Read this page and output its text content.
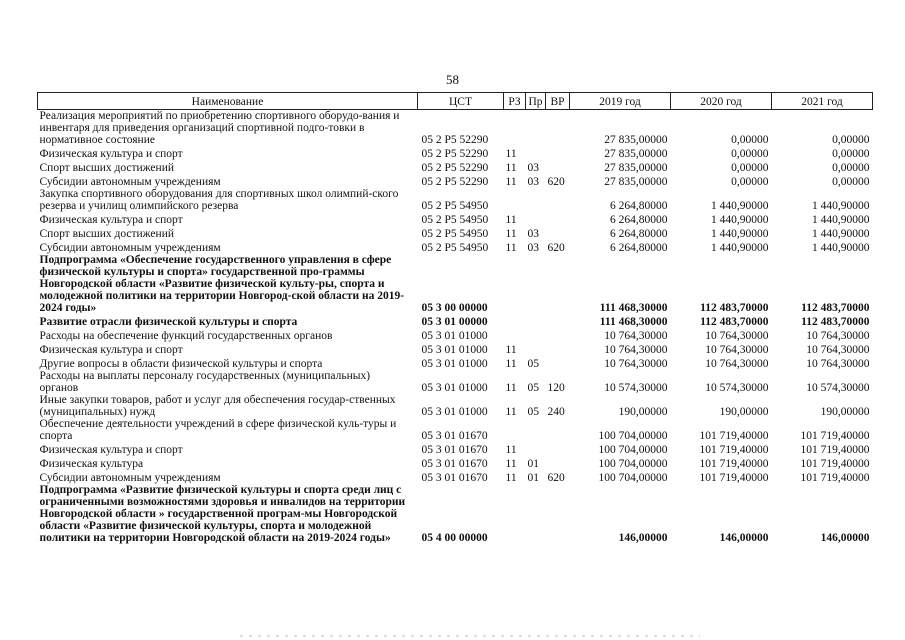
58
Наименование	ЦСТ	РЗ	Пр	ВР	2019 год	2020 год	2021 год
Реализация мероприятий по приобретению спортивного оборудо-вания и инвентаря для приведения организаций спортивной подго-товки в нормативное состояние	05 2 P5 52290				27 835,00000	0,00000	0,00000
Физическая культура и спорт	05 2 P5 52290	11			27 835,00000	0,00000	0,00000
Спорт высших достижений	05 2 P5 52290	11	03		27 835,00000	0,00000	0,00000
Субсидии автономным учреждениям	05 2 P5 52290	11	03	620	27 835,00000	0,00000	0,00000
Закупка спортивного оборудования для спортивных школ олимпий-ского резерва и училищ олимпийского резерва	05 2 P5 54950				6 264,80000	1 440,90000	1 440,90000
Физическая культура и спорт	05 2 P5 54950	11			6 264,80000	1 440,90000	1 440,90000
Спорт высших достижений	05 2 P5 54950	11	03		6 264,80000	1 440,90000	1 440,90000
Субсидии автономным учреждениям	05 2 P5 54950	11	03	620	6 264,80000	1 440,90000	1 440,90000
Подпрограмма «Обеспечение государственного управления в сфере физической культуры и спорта» государственной про-граммы Новгородской области «Развитие физической культу-ры, спорта и молодежной политики на территории Новгород-ской области на 2019-2024 годы»	05 3 00 00000				111 468,30000	112 483,70000	112 483,70000
Развитие отрасли физической культуры и спорта	05 3 01 00000				111 468,30000	112 483,70000	112 483,70000
Расходы на обеспечение функций государственных органов	05 3 01 01000				10 764,30000	10 764,30000	10 764,30000
Физическая культура и спорт	05 3 01 01000	11			10 764,30000	10 764,30000	10 764,30000
Другие вопросы в области физической культуры и спорта	05 3 01 01000	11	05		10 764,30000	10 764,30000	10 764,30000
Расходы на выплаты персоналу государственных (муниципальных) органов	05 3 01 01000	11	05	120	10 574,30000	10 574,30000	10 574,30000
Иные закупки товаров, работ и услуг для обеспечения государ-ственных (муниципальных) нужд	05 3 01 01000	11	05	240	190,00000	190,00000	190,00000
Обеспечение деятельности учреждений в сфере физической куль-туры и спорта	05 3 01 01670				100 704,00000	101 719,40000	101 719,40000
Физическая культура и спорт	05 3 01 01670	11			100 704,00000	101 719,40000	101 719,40000
Физическая культура	05 3 01 01670	11	01		100 704,00000	101 719,40000	101 719,40000
Субсидии автономным учреждениям	05 3 01 01670	11	01	620	100 704,00000	101 719,40000	101 719,40000
Подпрограмма «Развитие физической культуры и спорта среди лиц с ограниченными возможностями здоровья и инвалидов на территории Новгородской области » государственной програм-мы Новгородской области «Развитие физической культуры, спорта и молодежной политики на территории Новгородской области на 2019-2024 годы»	05 4 00 00000				146,00000	146,00000	146,00000
